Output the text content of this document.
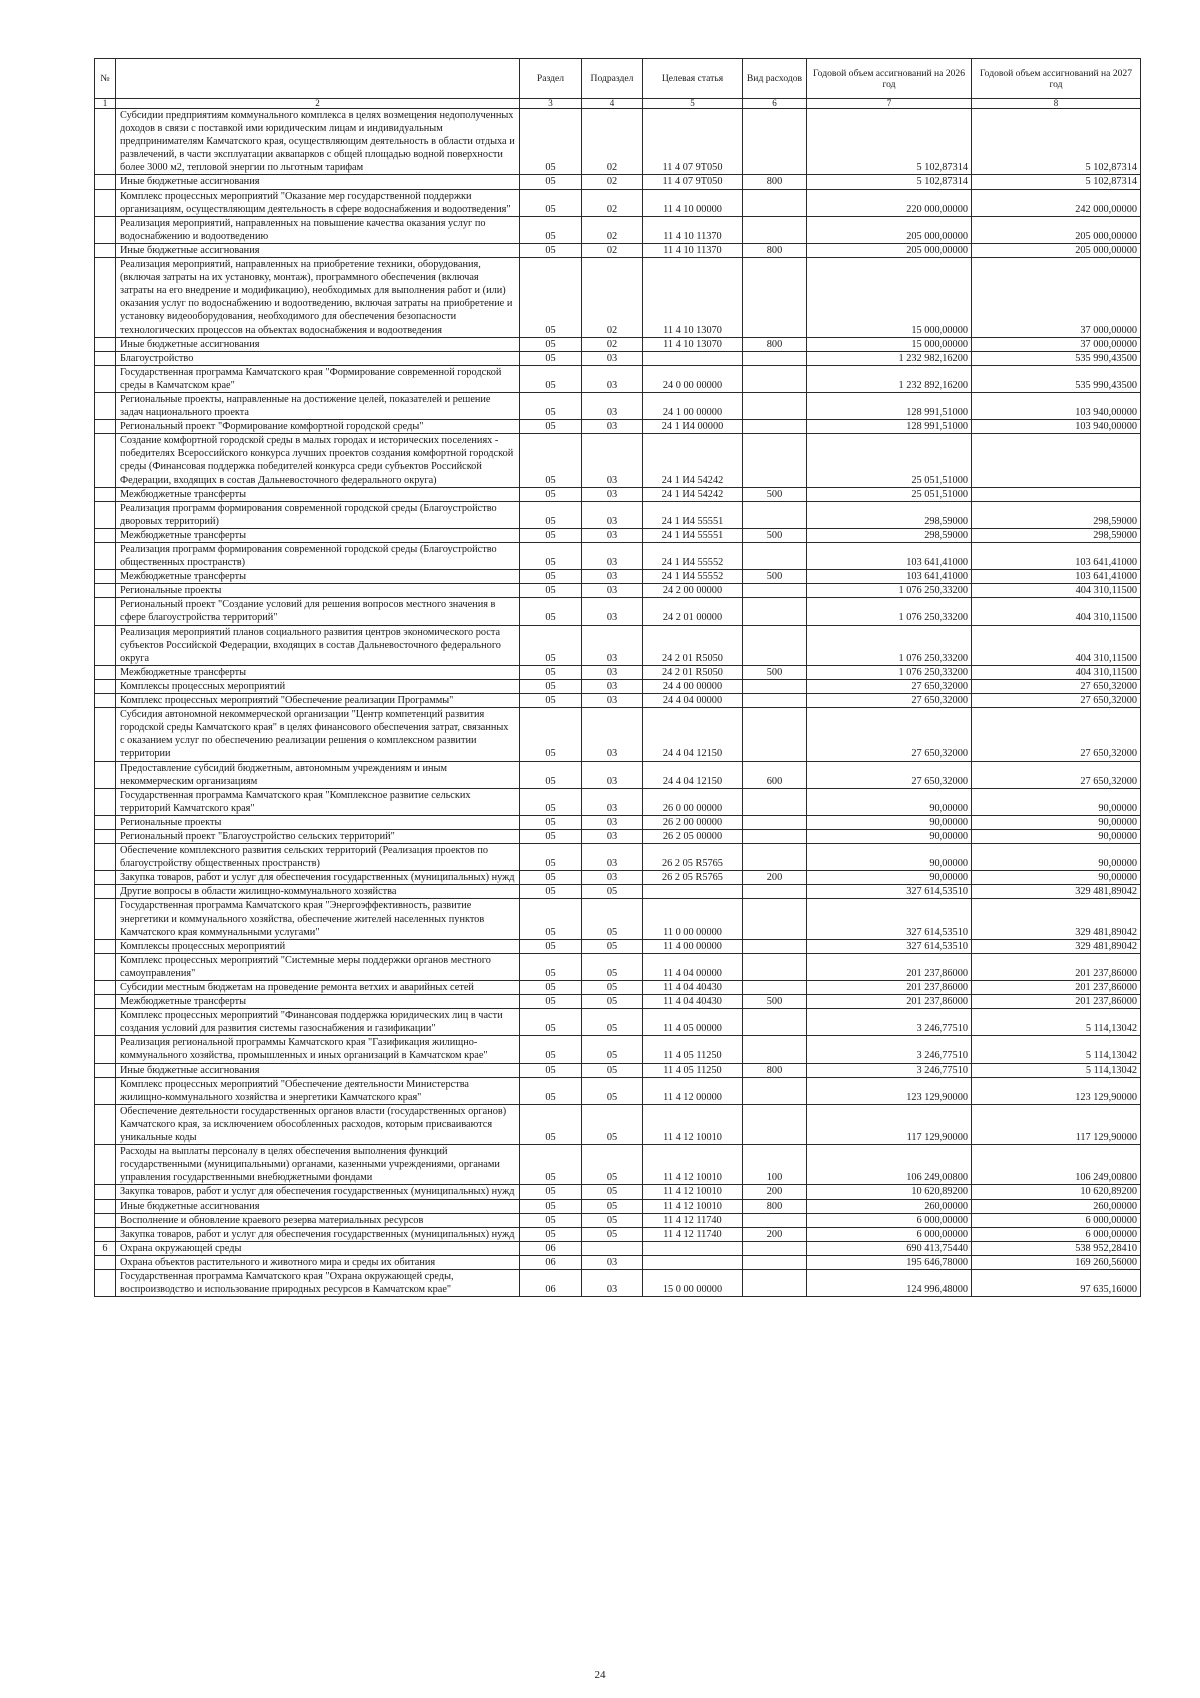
№		Раздел	Подраздел	Целевая статья	Вид расходов	Годовой объем ассигнований на 2026 год	Годовой объем ассигнований на 2027 год
1	2	3	4	5	6	7	8
	Субсидии предприятиям коммунального комплекса в целях возмещения недополученных доходов в связи с поставкой ими юридическим лицам и индивидуальным предпринимателям Камчатского края, осуществляющим деятельность в области отдыха и развлечений, в части эксплуатации аквапарков с общей площадью водной поверхности более 3000 м2, тепловой энергии по льготным тарифам	05	02	11 4 07 9Т050		5 102,87314	5 102,87314
	Иные бюджетные ассигнования	05	02	11 4 07 9Т050	800	5 102,87314	5 102,87314
	Комплекс процессных мероприятий "Оказание мер государственной поддержки организациям, осуществляющим деятельность в сфере водоснабжения и водоотведения"	05	02	11 4 10 00000		220 000,00000	242 000,00000
	Реализация мероприятий, направленных на повышение качества оказания услуг по водоснабжению и водоотведению	05	02	11 4 10 11370		205 000,00000	205 000,00000
	Иные бюджетные ассигнования	05	02	11 4 10 11370	800	205 000,00000	205 000,00000
	Реализация мероприятий, направленных на приобретение техники, оборудования, (включая затраты на их установку, монтаж), программного обеспечения (включая затраты на его внедрение и модификацию), необходимых для выполнения работ и (или) оказания услуг по водоснабжению и водоотведению, включая затраты на приобретение и установку видеооборудования, необходимого для обеспечения безопасности технологических процессов на объектах водоснабжения и водоотведения	05	02	11 4 10 13070		15 000,00000	37 000,00000
	Иные бюджетные ассигнования	05	02	11 4 10 13070	800	15 000,00000	37 000,00000
	Благоустройство	05	03			1 232 982,16200	535 990,43500
	Государственная программа Камчатского края "Формирование современной городской среды в Камчатском крае"	05	03	24 0 00 00000		1 232 892,16200	535 990,43500
	Региональные проекты, направленные на достижение целей, показателей и решение задач национального проекта	05	03	24 1 00 00000		128 991,51000	103 940,00000
	Региональный проект "Формирование комфортной городской среды"	05	03	24 1 И4 00000		128 991,51000	103 940,00000
	Создание комфортной городской среды в малых городах и исторических поселениях - победителях Всероссийского конкурса лучших проектов создания комфортной городской среды (Финансовая поддержка победителей конкурса среди субъектов Российской Федерации, входящих в состав Дальневосточного федерального округа)	05	03	24 1 И4 54242		25 051,51000	
	Межбюджетные трансферты	05	03	24 1 И4 54242	500	25 051,51000	
	Реализация программ формирования современной городской среды (Благоустройство дворовых территорий)	05	03	24 1 И4 55551		298,59000	298,59000
	Межбюджетные трансферты	05	03	24 1 И4 55551	500	298,59000	298,59000
	Реализация программ формирования современной городской среды (Благоустройство общественных пространств)	05	03	24 1 И4 55552		103 641,41000	103 641,41000
	Межбюджетные трансферты	05	03	24 1 И4 55552	500	103 641,41000	103 641,41000
	Региональные проекты	05	03	24 2 00 00000		1 076 250,33200	404 310,11500
	Региональный проект "Создание условий для решения вопросов местного значения в сфере благоустройства территорий"	05	03	24 2 01 00000		1 076 250,33200	404 310,11500
	Реализация мероприятий планов социального развития центров экономического роста субъектов Российской Федерации, входящих в состав Дальневосточного федерального округа	05	03	24 2 01 R5050		1 076 250,33200	404 310,11500
	Межбюджетные трансферты	05	03	24 2 01 R5050	500	1 076 250,33200	404 310,11500
	Комплексы процессных мероприятий	05	03	24 4 00 00000		27 650,32000	27 650,32000
	Комплекс процессных мероприятий "Обеспечение реализации Программы"	05	03	24 4 04 00000		27 650,32000	27 650,32000
	Субсидия автономной некоммерческой организации "Центр компетенций развития городской среды Камчатского края" в целях финансового обеспечения затрат, связанных с оказанием услуг по обеспечению реализации решения о комплексном развитии территории	05	03	24 4 04 12150		27 650,32000	27 650,32000
	Предоставление субсидий бюджетным, автономным учреждениям и иным некоммерческим организациям	05	03	24 4 04 12150	600	27 650,32000	27 650,32000
	Государственная программа Камчатского края "Комплексное развитие сельских территорий Камчатского края"	05	03	26 0 00 00000		90,00000	90,00000
	Региональные проекты	05	03	26 2 00 00000		90,00000	90,00000
	Региональный проект "Благоустройство сельских территорий"	05	03	26 2 05 00000		90,00000	90,00000
	Обеспечение комплексного развития сельских территорий (Реализация проектов по благоустройству общественных пространств)	05	03	26 2 05 R5765		90,00000	90,00000
	Закупка товаров, работ и услуг для обеспечения государственных (муниципальных) нужд	05	03	26 2 05 R5765	200	90,00000	90,00000
	Другие вопросы в области жилищно-коммунального хозяйства	05	05			327 614,53510	329 481,89042
	Государственная программа Камчатского края "Энергоэффективность, развитие энергетики и коммунального хозяйства, обеспечение жителей населенных пунктов Камчатского края коммунальными услугами"	05	05	11 0 00 00000		327 614,53510	329 481,89042
	Комплексы процессных мероприятий	05	05	11 4 00 00000		327 614,53510	329 481,89042
	Комплекс процессных мероприятий "Системные меры поддержки органов местного самоуправления"	05	05	11 4 04 00000		201 237,86000	201 237,86000
	Субсидии местным бюджетам на проведение ремонта ветхих и аварийных сетей	05	05	11 4 04 40430		201 237,86000	201 237,86000
	Межбюджетные трансферты	05	05	11 4 04 40430	500	201 237,86000	201 237,86000
	Комплекс процессных мероприятий "Финансовая поддержка юридических лиц в части создания условий для развития системы газоснабжения и газификации"	05	05	11 4 05 00000		3 246,77510	5 114,13042
	Реализация региональной программы Камчатского края "Газификация жилищно-коммунального хозяйства, промышленных и иных организаций в Камчатском крае"	05	05	11 4 05 11250		3 246,77510	5 114,13042
	Иные бюджетные ассигнования	05	05	11 4 05 11250	800	3 246,77510	5 114,13042
	Комплекс процессных мероприятий "Обеспечение деятельности Министерства жилищно-коммунального хозяйства и энергетики Камчатского края"	05	05	11 4 12 00000		123 129,90000	123 129,90000
	Обеспечение деятельности государственных органов власти (государственных органов) Камчатского края, за исключением обособленных расходов, которым присваиваются уникальные коды	05	05	11 4 12 10010		117 129,90000	117 129,90000
	Расходы на выплаты персоналу в целях обеспечения выполнения функций государственными (муниципальными) органами, казенными учреждениями, органами управления государственными внебюджетными фондами	05	05	11 4 12 10010	100	106 249,00800	106 249,00800
	Закупка товаров, работ и услуг для обеспечения государственных (муниципальных) нужд	05	05	11 4 12 10010	200	10 620,89200	10 620,89200
	Иные бюджетные ассигнования	05	05	11 4 12 10010	800	260,00000	260,00000
	Восполнение и обновление краевого резерва материальных ресурсов	05	05	11 4 12 11740		6 000,00000	6 000,00000
	Закупка товаров, работ и услуг для обеспечения государственных (муниципальных) нужд	05	05	11 4 12 11740	200	6 000,00000	6 000,00000
6	Охрана окружающей среды	06				690 413,75440	538 952,28410
	Охрана объектов растительного и животного мира и среды их обитания	06	03			195 646,78000	169 260,56000
	Государственная программа Камчатского края "Охрана окружающей среды, воспроизводство и использование природных ресурсов в Камчатском крае"	06	03	15 0 00 00000		124 996,48000	97 635,16000
24
